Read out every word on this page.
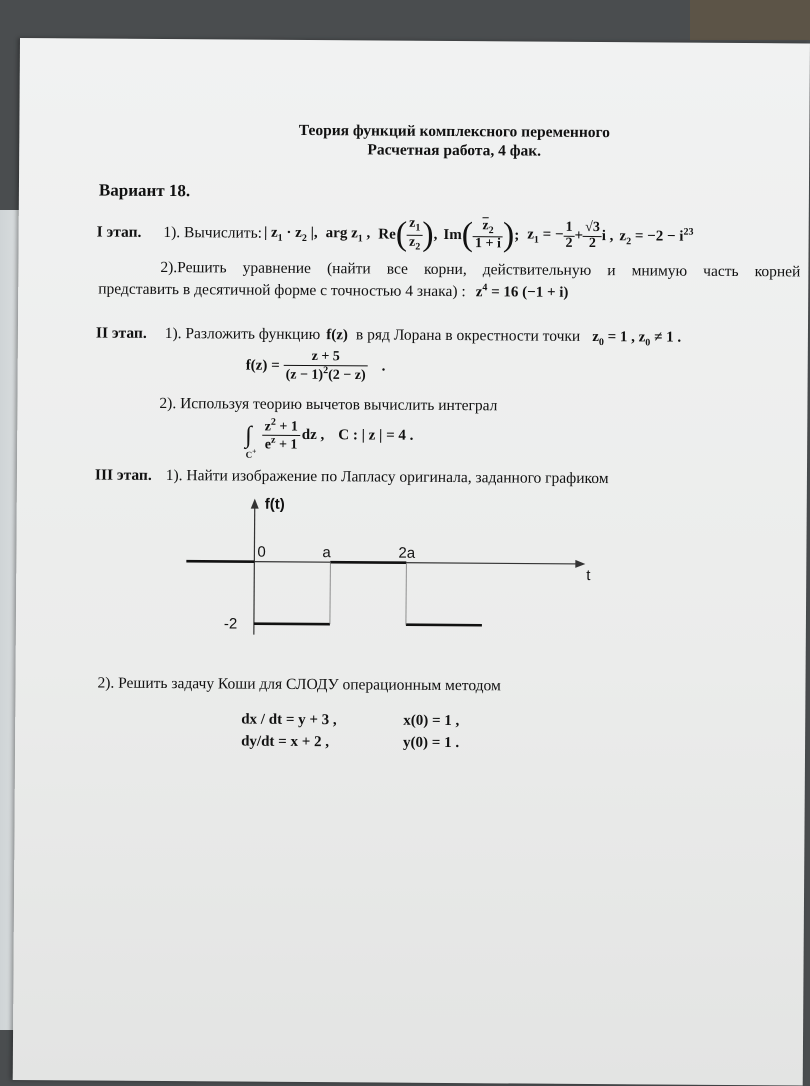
Теория функций комплексного переменного
Расчетная работа, 4 фак.
Вариант 18.
I этап. 1). Вычислить: | $z_1 \cdot z_2$ |, arg $z_1$ , Re ( $\frac{z_1}{z_2}$ ) , Im ( $\frac{\overline{z}_2}{1 + i}$ ) ; $z_1$ = − $\frac{1}{2} + \frac{√3}{2}$ i , $z_2 = -2 - i^{23}$
2).Решить уравнение (найти все корни, действительную и мнимую часть корней
представить в десятичной форме с точностью 4 знака) : $z^4 = 16$ (−1 + i)
II этап. 1). Разложить функцию f(z) в ряд Лорана в окрестности точки $z_0 = 1$ , $z_0 \ne 1$ .
$f(z) = \frac{z + 5}{(z - 1)^2(2 - z)}$ .
2). Используя теорию вычетов вычислить интеграл
∫
$C^+ \frac{z^2 + 1}{e^z + 1}$ dz , C : | z | = 4 .
III этап. 1). Найти изображение по Лапласу оригинала, заданного графиком
f(t)
t
0	a	2a
-2
2). Решить задачу Коши для СЛОДУ операционным методом
dx / dt = y + 3 ,	x(0) = 1 ,
dy/dt = x + 2 ,	y(0) = 1 .
